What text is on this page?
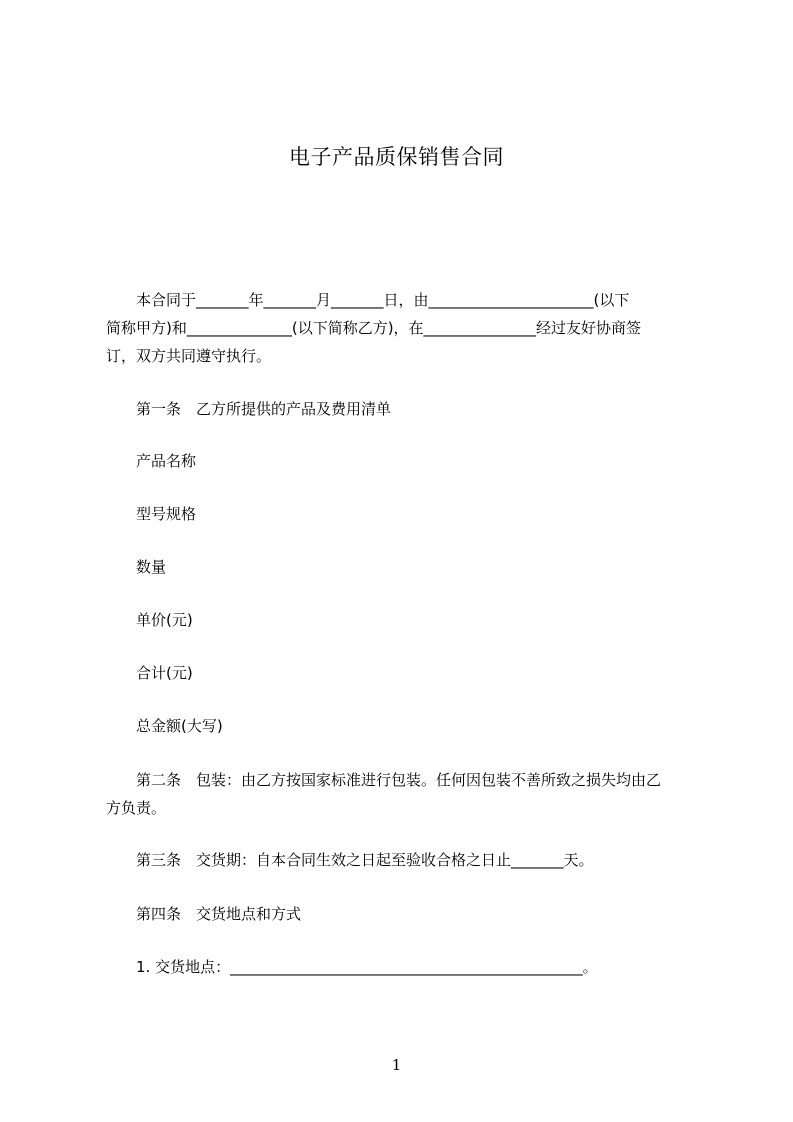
电子产品质保销售合同
本合同于_______年_______月_______日，由______________________(以下
简称甲方)和______________(以下简称乙方)，在_______________经过友好协商签
订，双方共同遵守执行。
第一条　乙方所提供的产品及费用清单
产品名称
型号规格
数量
单价(元)
合计(元)
总金额(大写)
第二条　包装：由乙方按国家标准进行包装。任何因包装不善所致之损失均由乙
方负责。
第三条　交货期：自本合同生效之日起至验收合格之日止_______天。
第四条　交货地点和方式
1. 交货地点：_______________________________________________。
1
